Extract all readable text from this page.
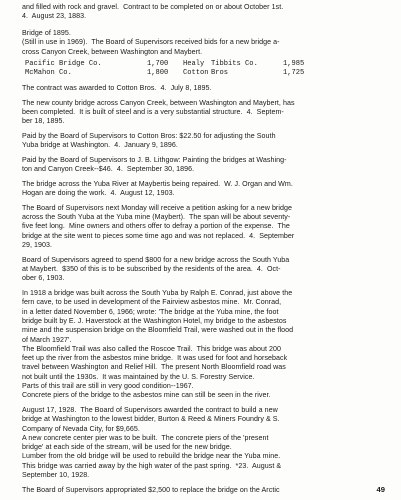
and filled with rock and gravel.  Contract to be completed on or about October 1st.
4.  August 23, 1883.

Bridge of 1895.
(Still in use in 1969).  The Board of Supervisors received bids for a new bridge a-
cross Canyon Creek, between Washington and Maybert.

Pacific Bridge Co.	1,700	Healy Tibbits Co.	1,985
McMahon Co.	1,800	Cotton Bros	1,725

The contract was awarded to Cotton Bros.  4.  July 8, 1895.

The new county bridge across Canyon Creek, between Washington and Maybert, has
been completed.  It is built of steel and is a very substantial structure.  4.  Septem-
ber 18, 1895.

Paid by the Board of Supervisors to Cotton Bros: $22.50 for adjusting the South
Yuba bridge at Washington.  4.  January 9, 1896.

Paid by the Board of Supervisors to J. B. Lithgow: Painting the bridges at Washing-
ton and Canyon Creek--$46.  4.  September 30, 1896.

The bridge across the Yuba River at Maybertis being repaired.  W. J. Organ and Wm.
Hogan are doing the work.  4.  August 12, 1903.

The Board of Supervisors next Monday will receive a petition asking for a new bridge
across the South Yuba at the Yuba mine (Maybert).  The span will be about seventy-
five feet long.  Mine owners and others offer to defray a portion of the expense.  The
bridge at the site went to pieces some time ago and was not replaced.  4.  September
29, 1903.

Board of Supervisors agreed to spend $800 for a new bridge across the South Yuba
at Maybert.  $350 of this is to be subscribed by the residents of the area.  4.  Oct-
ober 6, 1903.

In 1918 a bridge was built across the South Yuba by Ralph E. Conrad, just above the
fern cave, to be used in development of the Fairview asbestos mine.  Mr. Conrad,
in a letter dated November 6, 1966; wrote: 'The bridge at the Yuba mine, the foot
bridge built by E. J. Haverstock at the Washington Hotel, my bridge to the asbestos
mine and the suspension bridge on the Bloomfield Trail, were washed out in the flood
of March 1927'.

The Bloomfield Trail was also called the Roscoe Trail.  This bridge was about 200
feet up the river from the asbestos mine bridge.  It was used for foot and horseback
travel between Washington and Relief Hill.  The present North Bloomfield road was
not built until the 1930s.  It was maintained by the U. S. Forestry Service.

Parts of this trail are still in very good condition--1967.

Concrete piers of the bridge to the asbestos mine can still be seen in the river.

August 17, 1928.  The Board of Supervisors awarded the contract to build a new
bridge at Washington to the lowest bidder, Burton & Reed & Miners Foundry & S.
Company of Nevada City, for $9,665.

A new concrete center pier was to be built.  The concrete piers of the 'present
bridge' at each side of the stream, will be used for the new bridge.

Lumber from the old bridge will be used to rebuild the bridge near the Yuba mine.
This bridge was carried away by the high water of the past spring.  *23.  August &
September 10, 1928.

The Board of Supervisors appropriated $2,500 to replace the bridge on the Arctic	49
